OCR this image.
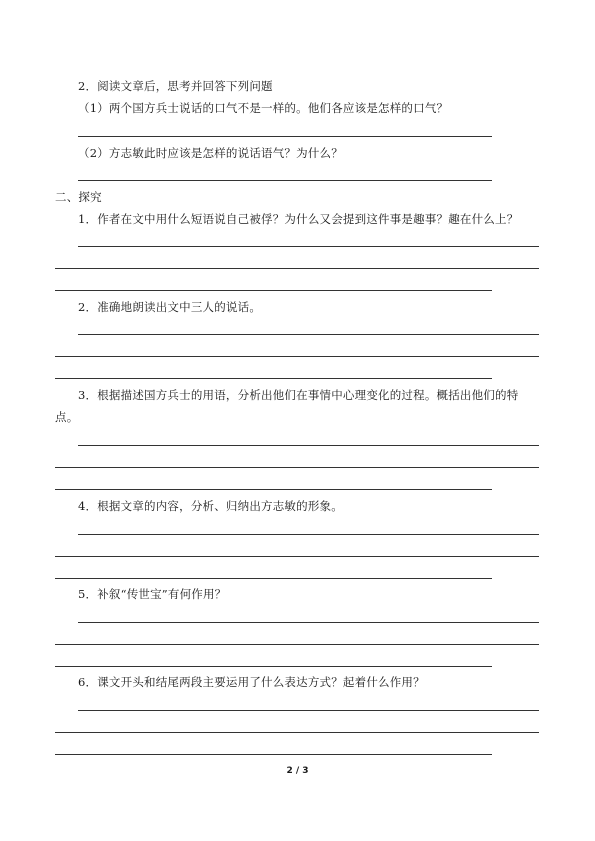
2．阅读文章后，思考并回答下列问题
（1）两个国方兵士说话的口气不是一样的。他们各应该是怎样的口气？
（2）方志敏此时应该是怎样的说话语气？为什么？
二、探究
1．作者在文中用什么短语说自己被俘？为什么又会提到这件事是趣事？趣在什么上？
2．准确地朗读出文中三人的说话。
3．根据描述国方兵士的用语，分析出他们在事情中心理变化的过程。概括出他们的特
点。
4．根据文章的内容，分析、归纳出方志敏的形象。
5．补叙“传世宝”有何作用？
6．课文开头和结尾两段主要运用了什么表达方式？起着什么作用？
2 / 3
